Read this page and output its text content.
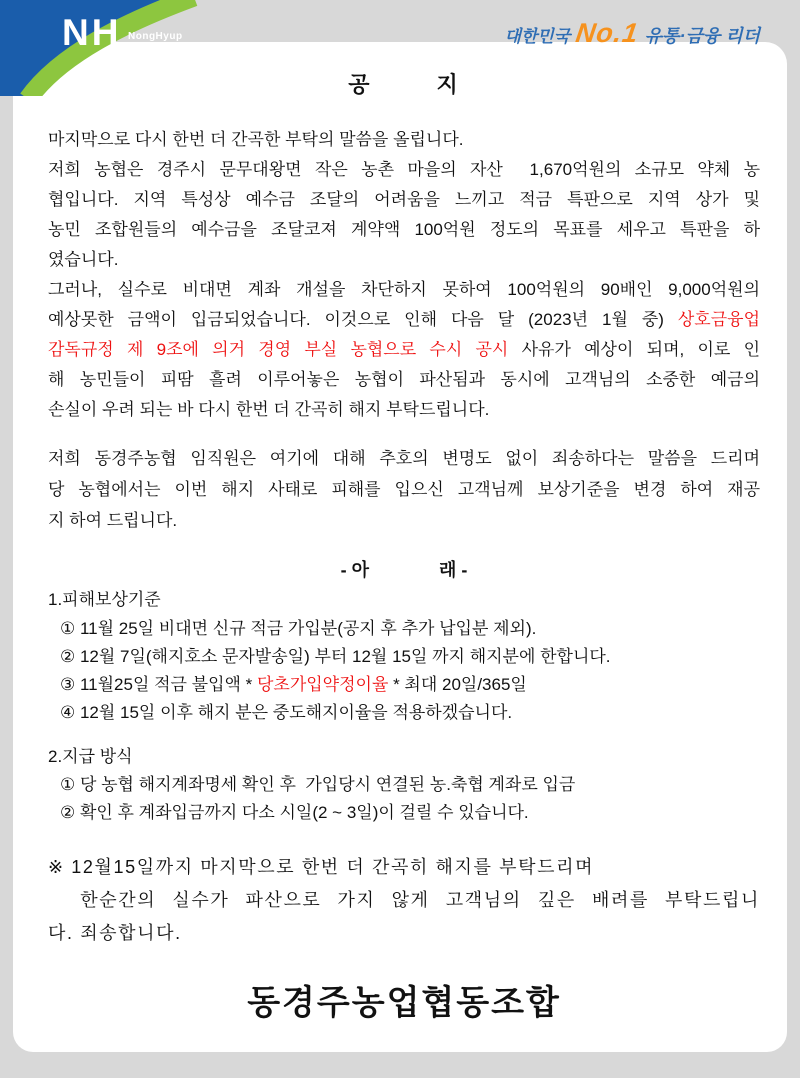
공        지
마지막으로 다시 한번 더 간곡한 부탁의 말씀을 올립니다.
저희 농협은 경주시 문무대왕면 작은 농촌 마을의 자산  1,670억원의 소규모 약체 농
협입니다. 지역 특성상 예수금 조달의 어려움을 느끼고 적금 특판으로 지역 상가 및
농민 조합원들의 예수금을 조달코져 계약액 100억원 정도의 목표를 세우고 특판을 하
였습니다.
그러나, 실수로 비대면 계좌 개설을 차단하지 못하여 100억원의 90배인 9,000억원의
예상못한 금액이 입금되었습니다. 이것으로 인해 다음 달 (2023년 1월 중) 상호금융업
감독규정 제 9조에 의거 경영 부실 농협으로 수시 공시 사유가 예상이 되며, 이로 인
해 농민들이 피땀 흘려 이루어놓은 농협이 파산됨과 동시에 고객님의 소중한 예금의
손실이 우려 되는 바 다시 한번 더 간곡히 해지 부탁드립니다.
저희 동경주농협 임직원은 여기에 대해 추호의 변명도 없이 죄송하다는 말씀을 드리며
당 농협에서는 이번 해지 사태로 피해를 입으신 고객님께 보상기준을 변경 하여 재공
지 하여 드립니다.
- 아              래 -
1.피해보상기준
① 11월 25일 비대면 신규 적금 가입분(공지 후 추가 납입분 제외).
② 12월 7일(해지호소 문자발송일) 부터 12월 15일 까지 해지분에 한합니다.
③ 11월25일 적금 불입액 * 당초가입약정이율 * 최대 20일/365일
④ 12월 15일 이후 해지 분은 중도해지이율을 적용하겠습니다.
2.지급 방식
① 당 농협 해지계좌명세 확인 후  가입당시 연결된 농.축협 계좌로 입금
② 확인 후 계좌입금까지 다소 시일(2 ~ 3일)이 걸릴 수 있습니다.
※ 12월15일까지 마지막으로 한번 더 간곡히 해지를 부탁드리며
한순간의 실수가 파산으로 가지 않게 고객님의 깊은 배려를 부탁드립니
다. 죄송합니다.
동경주농업협동조합
NH NongHyup	대한민국 No.1 유통·금융 리더
